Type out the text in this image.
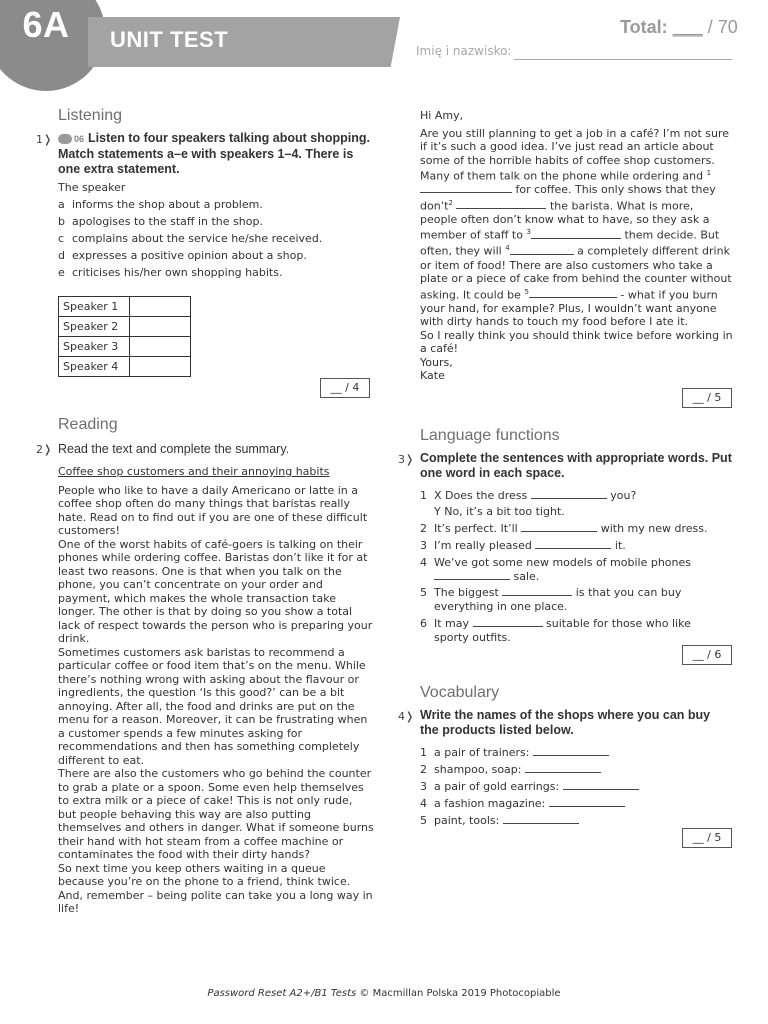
6A	UNIT TEST	Total: ___ / 70
Imię i nazwisko:
Listening
1❭	06 Listen to four speakers talking about shopping. Match statements a–e with speakers 1–4. There is one extra statement.
The speaker
a informs the shop about a problem.
b apologises to the staff in the shop.
c complains about the service he/she received.
d expresses a positive opinion about a shop.
e criticises his/her own shopping habits.
Speaker 1	
Speaker 2	
Speaker 3	
Speaker 4	
__ / 4
Reading
2❭ Read the text and complete the summary.

Coffee shop customers and their annoying habits

People who like to have a daily Americano or latte in a coffee shop often do many things that baristas really hate. Read on to find out if you are one of these difficult customers!

One of the worst habits of café-goers is talking on their phones while ordering coffee. Baristas don’t like it for at least two reasons. One is that when you talk on the phone, you can’t concentrate on your order and payment, which makes the whole transaction take longer. The other is that by doing so you show a total lack of respect towards the person who is preparing your drink.

Sometimes customers ask baristas to recommend a particular coffee or food item that’s on the menu. While there’s nothing wrong with asking about the flavour or ingredients, the question ‘Is this good?’ can be a bit annoying. After all, the food and drinks are put on the menu for a reason. Moreover, it can be frustrating when a customer spends a few minutes asking for recommendations and then has something completely different to eat.

There are also the customers who go behind the counter to grab a plate or a spoon. Some even help themselves to extra milk or a piece of cake! This is not only rude, but people behaving this way are also putting themselves and others in danger. What if someone burns their hand with hot steam from a coffee machine or contaminates the food with their dirty hands?

So next time you keep others waiting in a queue because you’re on the phone to a friend, think twice. And, remember – being polite can take you a long way in life!

Hi Amy,

Are you still planning to get a job in a café? I’m not sure if it’s such a good idea. I’ve just read an article about some of the horrible habits of coffee shop customers. Many of them talk on the phone while ordering and $^1$ for coffee. This only shows that they $don’t^2$	the barista. What is more, people often don’t know what to have, so they ask a member of staff to $^3$	them decide. But often, they will $^4$	a completely different drink or item of food! There are also customers who take a plate or a piece of cake from behind the counter without asking. It could be $^5$	- what if you burn your hand, for example? Plus, I wouldn’t want anyone with dirty hands to touch my food before I ate it.

So I really think you should think twice before working in a café!

Yours,

Kate

__ / 5
Language functions
3❭ Complete the sentences with appropriate words. Put one word in each space.
1 X Does the dress	you?
Y No, it’s a bit too tight.
2 It’s perfect. It’ll	with my new dress.
3 I’m really pleased	it.
4 We’ve got some new models of mobile phones  sale.
5 The biggest	is that you can buy everything in one place.
6 It may	suitable for those who like sporty outfits.
__ / 6
Vocabulary
4❭ Write the names of the shops where you can buy the products listed below.
1 a pair of trainers:
2 shampoo, soap:
3 a pair of gold earrings:
4 a fashion magazine:
5 paint, tools:
__ / 5
Password Reset A2+/B1 Tests © Macmillan Polska 2019 Photocopiable
